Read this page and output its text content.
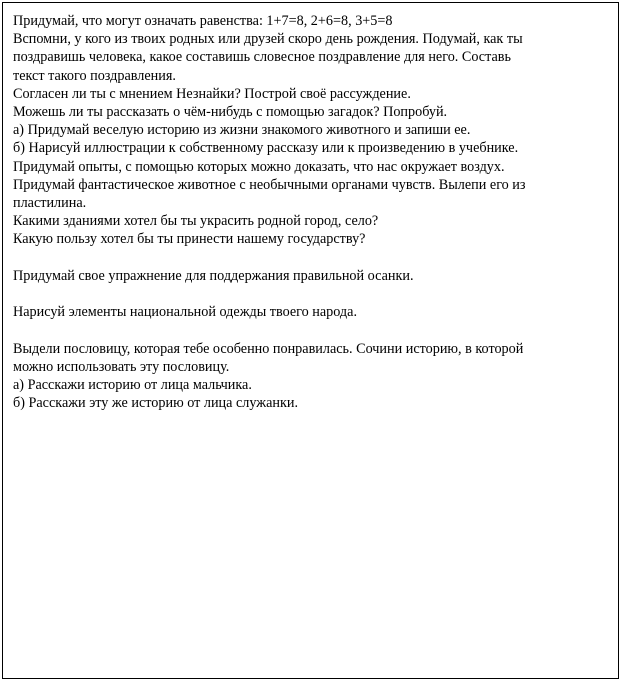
Придумай, что могут означать равенства: 1+7=8, 2+6=8, 3+5=8
Вспомни, у кого из твоих родных или друзей скоро день рождения. Подумай, как ты
поздравишь человека, какое составишь словесное поздравление для него. Составь
текст такого поздравления.
Согласен ли ты с мнением Незнайки? Построй своё рассуждение.
Можешь ли ты рассказать о чём-нибудь с помощью загадок? Попробуй.
а) Придумай веселую историю из жизни знакомого животного и запиши ее.
б) Нарисуй иллюстрации к собственному рассказу или к произведению в учебнике.
Придумай опыты, с помощью которых можно доказать, что нас окружает воздух.
Придумай фантастическое животное с необычными органами чувств. Вылепи его из
пластилина.
Какими зданиями хотел бы ты украсить родной город, село?
Какую пользу хотел бы ты принести нашему государству?
Придумай свое упражнение для поддержания правильной осанки.
Нарисуй элементы национальной одежды твоего народа.
Выдели пословицу, которая тебе особенно понравилась. Сочини историю, в которой
можно использовать эту пословицу.
а) Расскажи историю от лица мальчика.
б) Расскажи эту же историю от лица служанки.
